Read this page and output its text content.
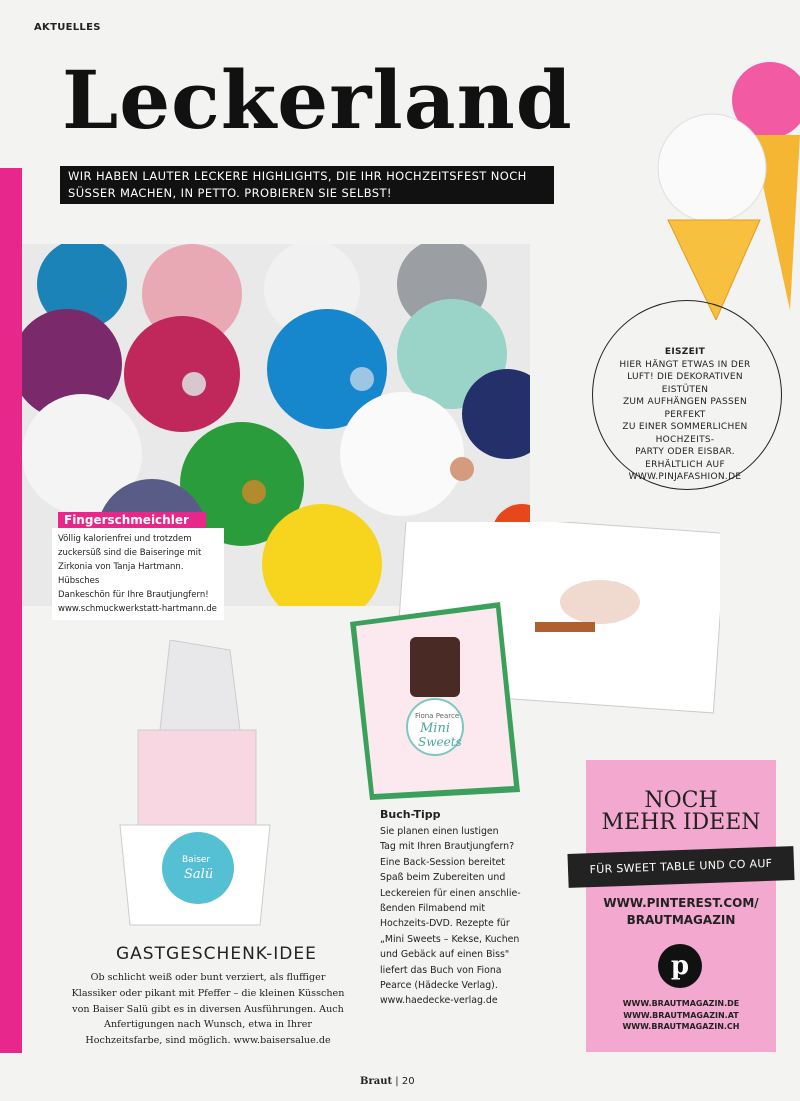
AKTUELLES
Leckerland
WIR HABEN LAUTER LECKERE HIGHLIGHTS, DIE IHR HOCHZEITSFEST NOCH SÜSSER MACHEN, IN PETTO. PROBIEREN SIE SELBST!
Fingerschmeichler
Völlig kalorienfrei und trotzdem
zuckersüß sind die Baiseringe mit
Zirkonia von Tanja Hartmann. Hübsches
Dankeschön für Ihre Brautjungfern!
www.schmuckwerkstatt-hartmann.de
EISZEIT
HIER HÄNGT ETWAS IN DER
LUFT! DIE DEKORATIVEN EISTÜTEN
ZUM AUFHÄNGEN PASSEN PERFEKT
ZU EINER SOMMERLICHEN HOCHZEITS-
PARTY ODER EISBAR. ERHÄLTLICH AUF
WWW.PINJAFASHION.DE
Fiona Pearce
Mini
Sweets
Buch-Tipp
Sie planen einen lustigen
Tag mit Ihren Brautjungfern?
Eine Back-Session bereitet
Spaß beim Zubereiten und
Leckereien für einen anschlie-
ßenden Filmabend mit
Hochzeits-DVD. Rezepte für
„Mini Sweets – Kekse, Kuchen
und Gebäck auf einen Biss"
liefert das Buch von Fiona
Pearce (Hädecke Verlag).
www.haedecke-verlag.de
Baiser
Salü
GASTGESCHENK-IDEE
Ob schlicht weiß oder bunt verziert, als fluffiger
Klassiker oder pikant mit Pfeffer – die kleinen Küsschen
von Baiser Salü gibt es in diversen Ausführungen. Auch
Anfertigungen nach Wunsch, etwa in Ihrer
Hochzeitsfarbe, sind möglich. www.baisersalue.de
NOCH
MEHR IDEEN
FÜR SWEET TABLE UND CO AUF
WWW.PINTEREST.COM/
BRAUTMAGAZIN
p
WWW.BRAUTMAGAZIN.DE
WWW.BRAUTMAGAZIN.AT
WWW.BRAUTMAGAZIN.CH
Braut | 20
